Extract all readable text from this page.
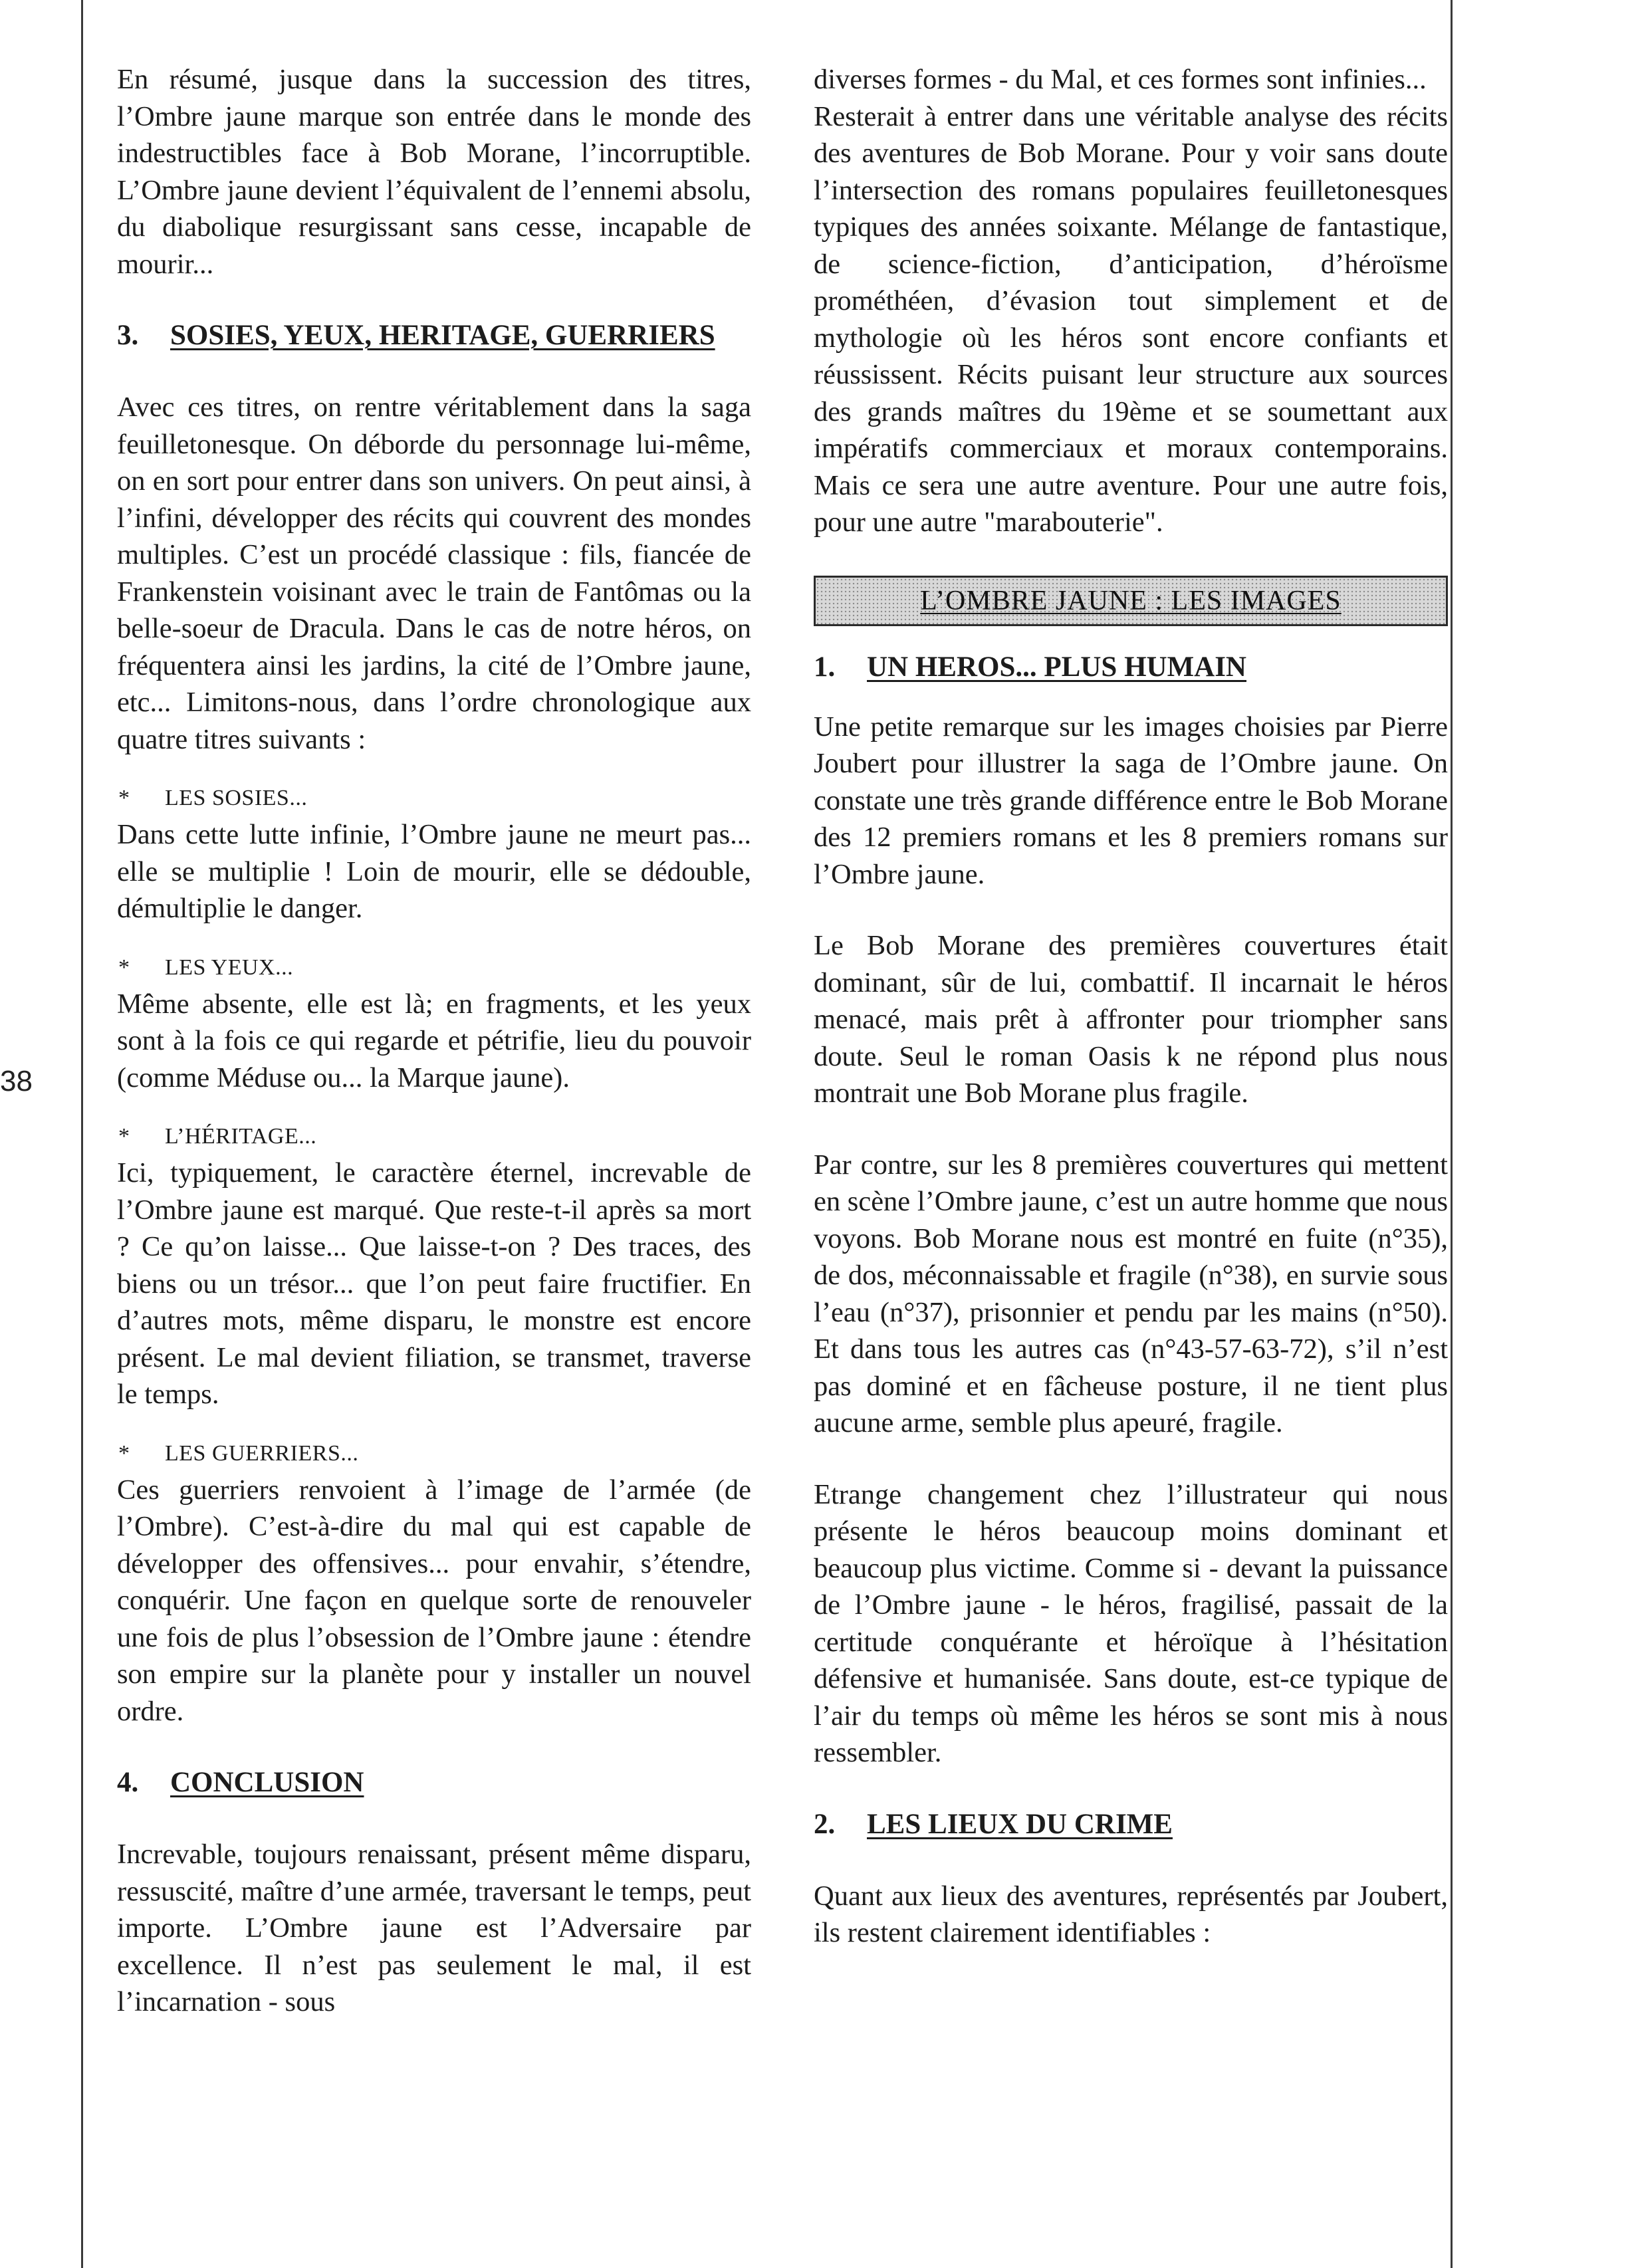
38

En résumé, jusque dans la succession des titres, l’Ombre jaune marque son entrée dans le monde des indestructibles face à Bob Morane, l’incorruptible. L’Ombre jaune devient l’équivalent de l’ennemi absolu, du diabolique resurgissant sans cesse, incapable de mourir...

3.	SOSIES, YEUX, HERITAGE, GUERRIERS

Avec ces titres, on rentre véritablement dans la saga feuilletonesque. On déborde du personnage lui-même, on en sort pour entrer dans son univers. On peut ainsi, à l’infini, développer des récits qui couvrent des mondes multiples. C’est un procédé classique : fils, fiancée de Frankenstein voisinant avec le train de Fantômas ou la belle-soeur de Dracula. Dans le cas de notre héros, on fréquentera ainsi les jardins, la cité de l’Ombre jaune, etc... Limitons-nous, dans l’ordre chronologique aux quatre titres suivants :

* LES SOSIES...

Dans cette lutte infinie, l’Ombre jaune ne meurt pas... elle se multiplie ! Loin de mourir, elle se dédouble, démultiplie le danger.

* LES YEUX...

Même absente, elle est là; en fragments, et les yeux sont à la fois ce qui regarde et pétrifie, lieu du pouvoir (comme Méduse ou... la Marque jaune).

* L’HÉRITAGE...

Ici, typiquement, le caractère éternel, increvable de l’Ombre jaune est marqué. Que reste-t-il après sa mort ? Ce qu’on laisse... Que laisse-t-on ? Des traces, des biens ou un trésor... que l’on peut faire fructifier. En d’autres mots, même disparu, le monstre est encore présent. Le mal devient filiation, se transmet, traverse le temps.

* LES GUERRIERS...

Ces guerriers renvoient à l’image de l’armée (de l’Ombre). C’est-à-dire du mal qui est capable de développer des offensives... pour envahir, s’étendre, conquérir. Une façon en quelque sorte de renouveler une fois de plus l’obsession de l’Ombre jaune : étendre son empire sur la planète pour y installer un nouvel ordre.

4.	CONCLUSION

Increvable, toujours renaissant, présent même disparu, ressuscité, maître d’une armée, traversant le temps, peut importe. L’Ombre jaune est l’Adversaire par excellence. Il n’est pas seulement le mal, il est l’incarnation - sous

diverses formes - du Mal, et ces formes sont infinies...

Resterait à entrer dans une véritable analyse des récits des aventures de Bob Morane. Pour y voir sans doute l’intersection des romans populaires feuilletonesques typiques des années soixante. Mélange de fantastique, de science-fiction, d’anticipation, d’héroïsme prométhéen, d’évasion tout simplement et de mythologie où les héros sont encore confiants et réussissent. Récits puisant leur structure aux sources des grands maîtres du 19ème et se soumettant aux impératifs commerciaux et moraux contemporains. Mais ce sera une autre aventure. Pour une autre fois, pour une autre "marabouterie".

L’OMBRE JAUNE : LES IMAGES
1.	UN HEROS... PLUS HUMAIN

Une petite remarque sur les images choisies par Pierre Joubert pour illustrer la saga de l’Ombre jaune. On constate une très grande différence entre le Bob Morane des 12 premiers romans et les 8 premiers romans sur l’Ombre jaune.

Le Bob Morane des premières couvertures était dominant, sûr de lui, combattif. Il incarnait le héros menacé, mais prêt à affronter pour triompher sans doute. Seul le roman Oasis k ne répond plus nous montrait une Bob Morane plus fragile.

Par contre, sur les 8 premières couvertures qui mettent en scène l’Ombre jaune, c’est un autre homme que nous voyons. Bob Morane nous est montré en fuite (n°35), de dos, méconnaissable et fragile (n°38), en survie sous l’eau (n°37), prisonnier et pendu par les mains (n°50). Et dans tous les autres cas (n°43-57-63-72), s’il n’est pas dominé et en fâcheuse posture, il ne tient plus aucune arme, semble plus apeuré, fragile.

Etrange changement chez l’illustrateur qui nous présente le héros beaucoup moins dominant et beaucoup plus victime. Comme si - devant la puissance de l’Ombre jaune - le héros, fragilisé, passait de la certitude conquérante et héroïque à l’hésitation défensive et humanisée. Sans doute, est-ce typique de l’air du temps où même les héros se sont mis à nous ressembler.

2.	LES LIEUX DU CRIME

Quant aux lieux des aventures, représentés par Joubert, ils restent clairement identifiables :
